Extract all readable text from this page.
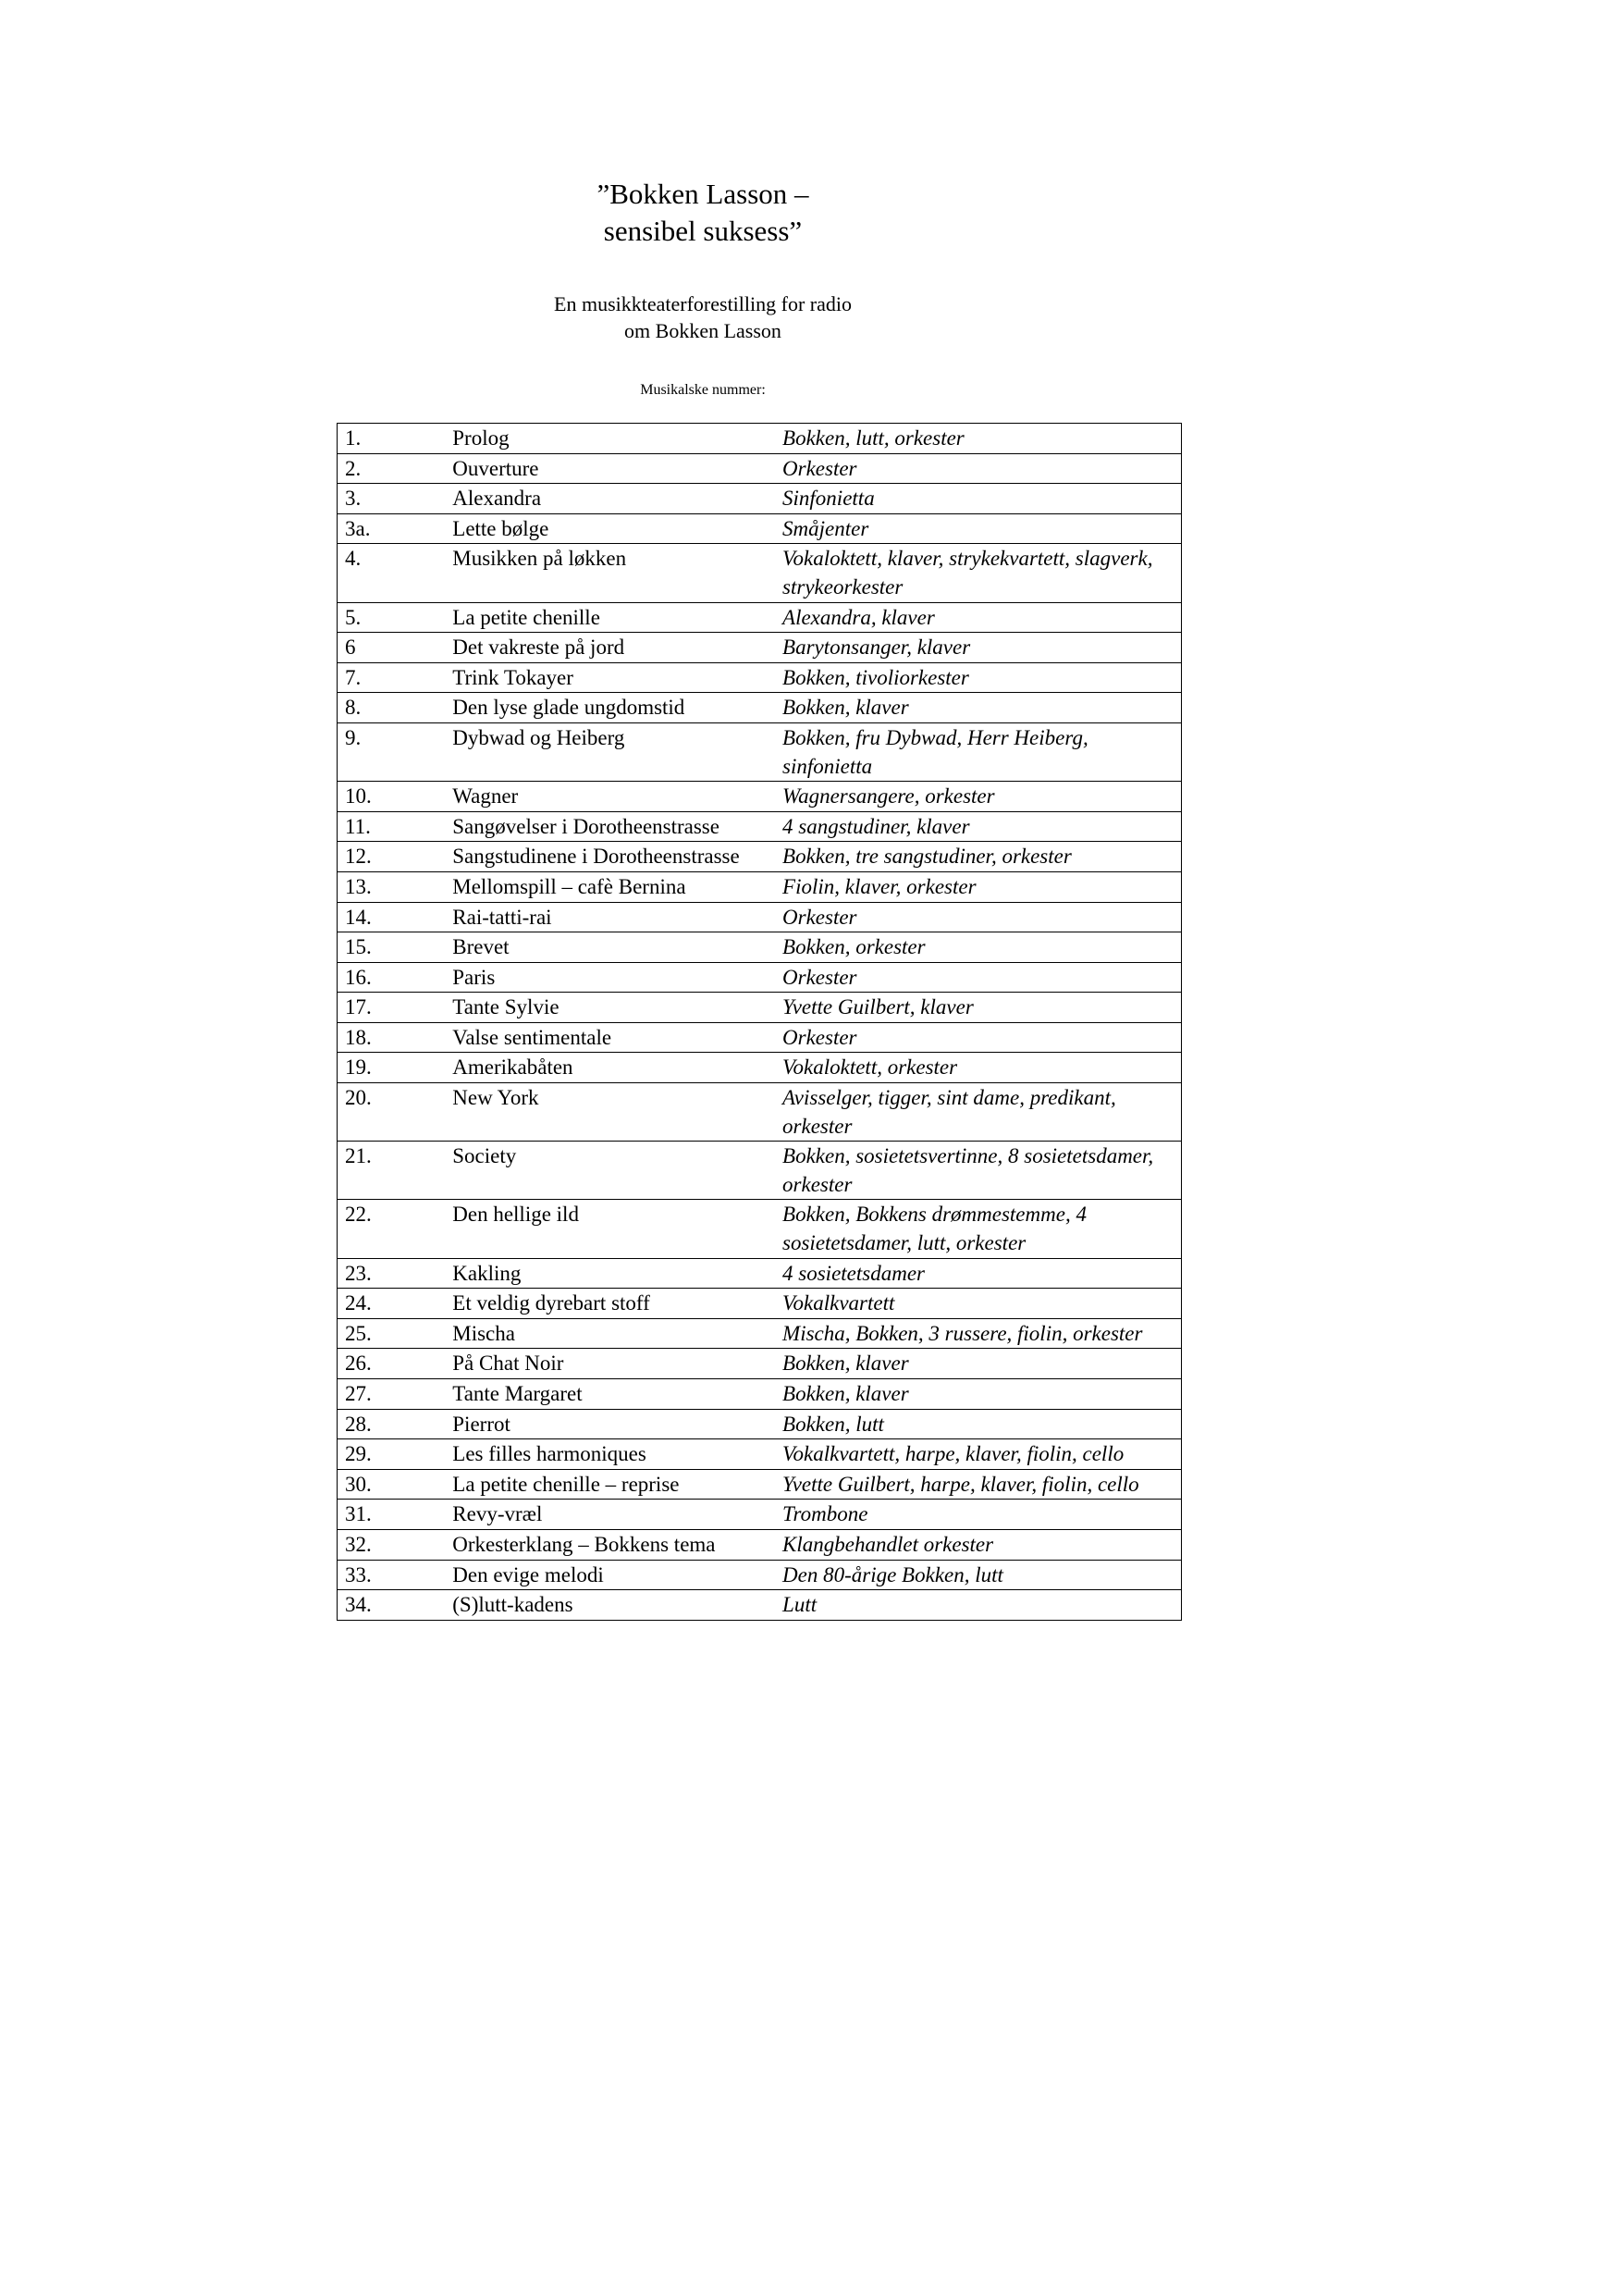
”Bokken Lasson –
sensibel suksess”
En musikkteaterforestilling for radio
om Bokken Lasson
Musikalske nummer:
1.	Prolog	Bokken, lutt, orkester
2.	Ouverture	Orkester
3.	Alexandra	Sinfonietta
3a.	Lette bølge	Småjenter
4.	Musikken på løkken	Vokaloktett, klaver, strykekvartett, slagverk, strykeorkester
5.	La petite chenille	Alexandra, klaver
6	Det vakreste på jord	Barytonsanger, klaver
7.	Trink Tokayer	Bokken, tivoliorkester
8.	Den lyse glade ungdomstid	Bokken, klaver
9.	Dybwad og Heiberg	Bokken, fru Dybwad, Herr Heiberg, sinfonietta
10.	Wagner	Wagnersangere, orkester
11.	Sangøvelser i Dorotheenstrasse	4 sangstudiner, klaver
12.	Sangstudinene i Dorotheenstrasse	Bokken, tre sangstudiner, orkester
13.	Mellomspill – cafè Bernina	Fiolin, klaver, orkester
14.	Rai-tatti-rai	Orkester
15.	Brevet	Bokken, orkester
16.	Paris	Orkester
17.	Tante Sylvie	Yvette Guilbert, klaver
18.	Valse sentimentale	Orkester
19.	Amerikabåten	Vokaloktett, orkester
20.	New York	Avisselger, tigger, sint dame, predikant, orkester
21.	Society	Bokken, sosietetsvertinne, 8 sosietetsdamer, orkester
22.	Den hellige ild	Bokken, Bokkens drømmestemme, 4 sosietetsdamer, lutt, orkester
23.	Kakling	4 sosietetsdamer
24.	Et veldig dyrebart stoff	Vokalkvartett
25.	Mischa	Mischa, Bokken, 3 russere, fiolin, orkester
26.	På Chat Noir	Bokken, klaver
27.	Tante Margaret	Bokken, klaver
28.	Pierrot	Bokken, lutt
29.	Les filles harmoniques	Vokalkvartett, harpe, klaver, fiolin, cello
30.	La petite chenille – reprise	Yvette Guilbert, harpe, klaver, fiolin, cello
31.	Revy-vræl	Trombone
32.	Orkesterklang – Bokkens tema	Klangbehandlet orkester
33.	Den evige melodi	Den 80-årige Bokken, lutt
34.	(S)lutt-kadens	Lutt
